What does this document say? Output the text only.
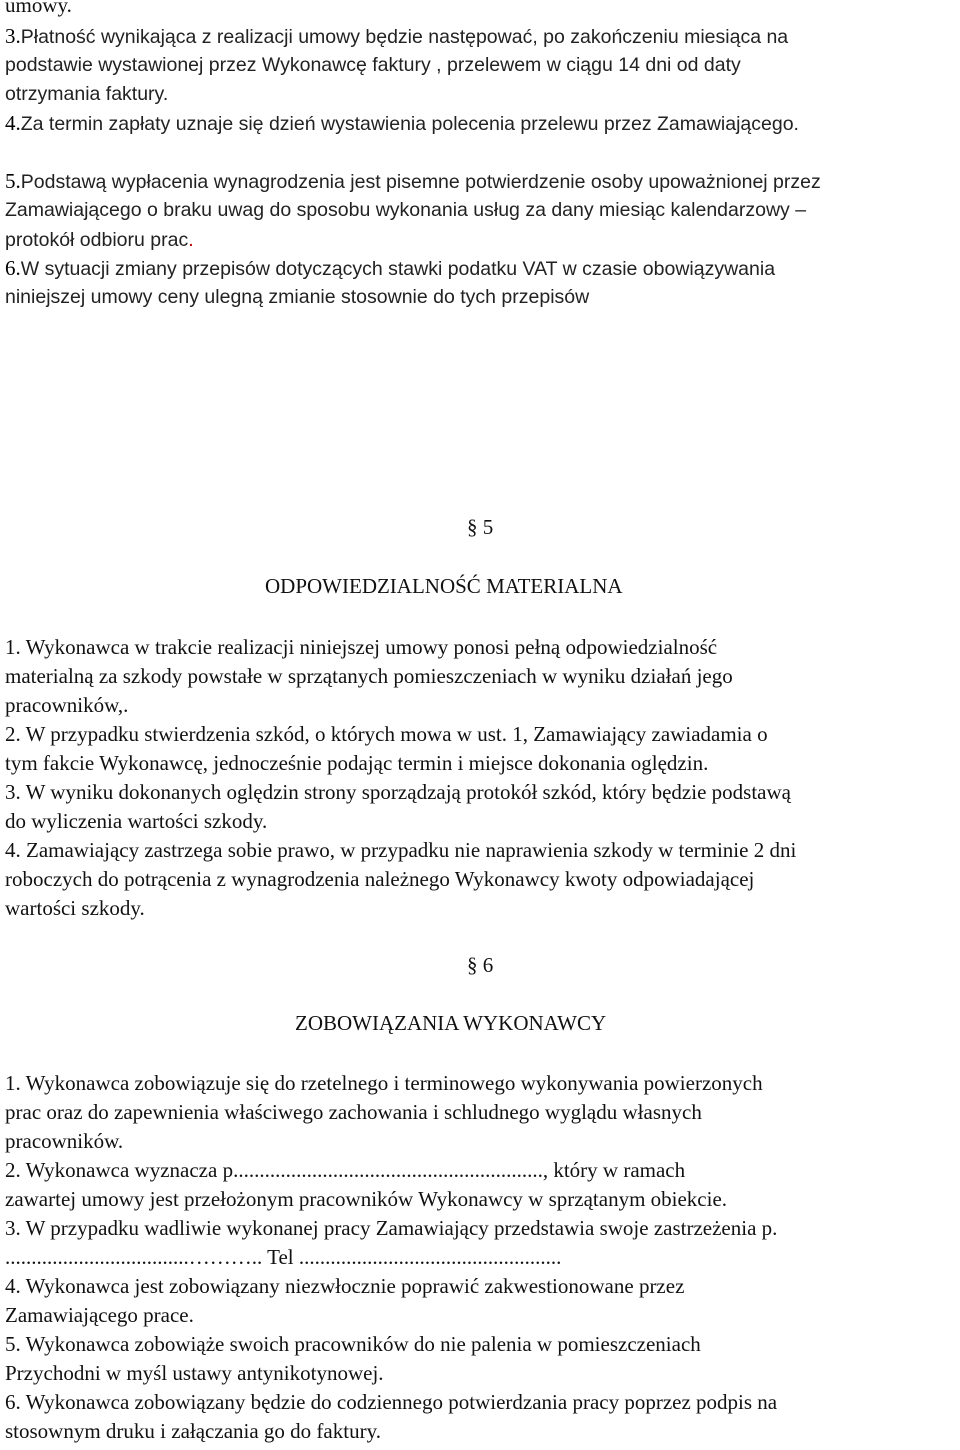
umowy.
3.Płatność wynikająca z realizacji umowy będzie następować, po zakończeniu miesiąca na
podstawie wystawionej przez Wykonawcę faktury , przelewem w ciągu 14 dni od daty
otrzymania faktury.
4.Za termin zapłaty uznaje się dzień wystawienia polecenia przelewu przez Zamawiającego.
5.Podstawą wypłacenia wynagrodzenia jest pisemne potwierdzenie osoby upoważnionej przez
Zamawiającego o braku uwag do sposobu wykonania usług za dany miesiąc kalendarzowy –
protokół odbioru prac.
6.W sytuacji zmiany przepisów dotyczących stawki podatku VAT w czasie obowiązywania
niniejszej umowy ceny ulegną zmianie stosownie do tych przepisów
§ 5
ODPOWIEDZIALNOŚĆ MATERIALNA
1. Wykonawca w trakcie realizacji niniejszej umowy ponosi pełną odpowiedzialność
materialną za szkody powstałe w sprzątanych pomieszczeniach w wyniku działań jego
pracowników,.
2. W przypadku stwierdzenia szkód, o których mowa w ust. 1, Zamawiający zawiadamia o
tym fakcie Wykonawcę, jednocześnie podając termin i miejsce dokonania oględzin.
3. W wyniku dokonanych oględzin strony sporządzają protokół szkód, który będzie podstawą
do wyliczenia wartości szkody.
4. Zamawiający zastrzega sobie prawo, w przypadku nie naprawienia szkody w terminie 2 dni
roboczych do potrącenia z wynagrodzenia należnego Wykonawcy kwoty odpowiadającej
wartości szkody.
§ 6
ZOBOWIĄZANIA WYKONAWCY
1. Wykonawca zobowiązuje się do rzetelnego i terminowego wykonywania powierzonych
prac oraz do zapewnienia właściwego zachowania i schludnego wyglądu własnych
pracowników.
2. Wykonawca wyznacza p..........................................................., który w ramach
zawartej umowy jest przełożonym pracowników Wykonawcy w sprzątanym obiekcie.
3. W przypadku wadliwie wykonanej pracy Zamawiający przedstawia swoje zastrzeżenia p.
...................................……….. Tel ..................................................
4. Wykonawca jest zobowiązany niezwłocznie poprawić zakwestionowane przez
Zamawiającego prace.
5. Wykonawca zobowiąże swoich pracowników do nie palenia w pomieszczeniach
Przychodni w myśl ustawy antynikotynowej.
6. Wykonawca zobowiązany będzie do codziennego potwierdzania pracy poprzez podpis na
stosownym druku i załączania go do faktury.
